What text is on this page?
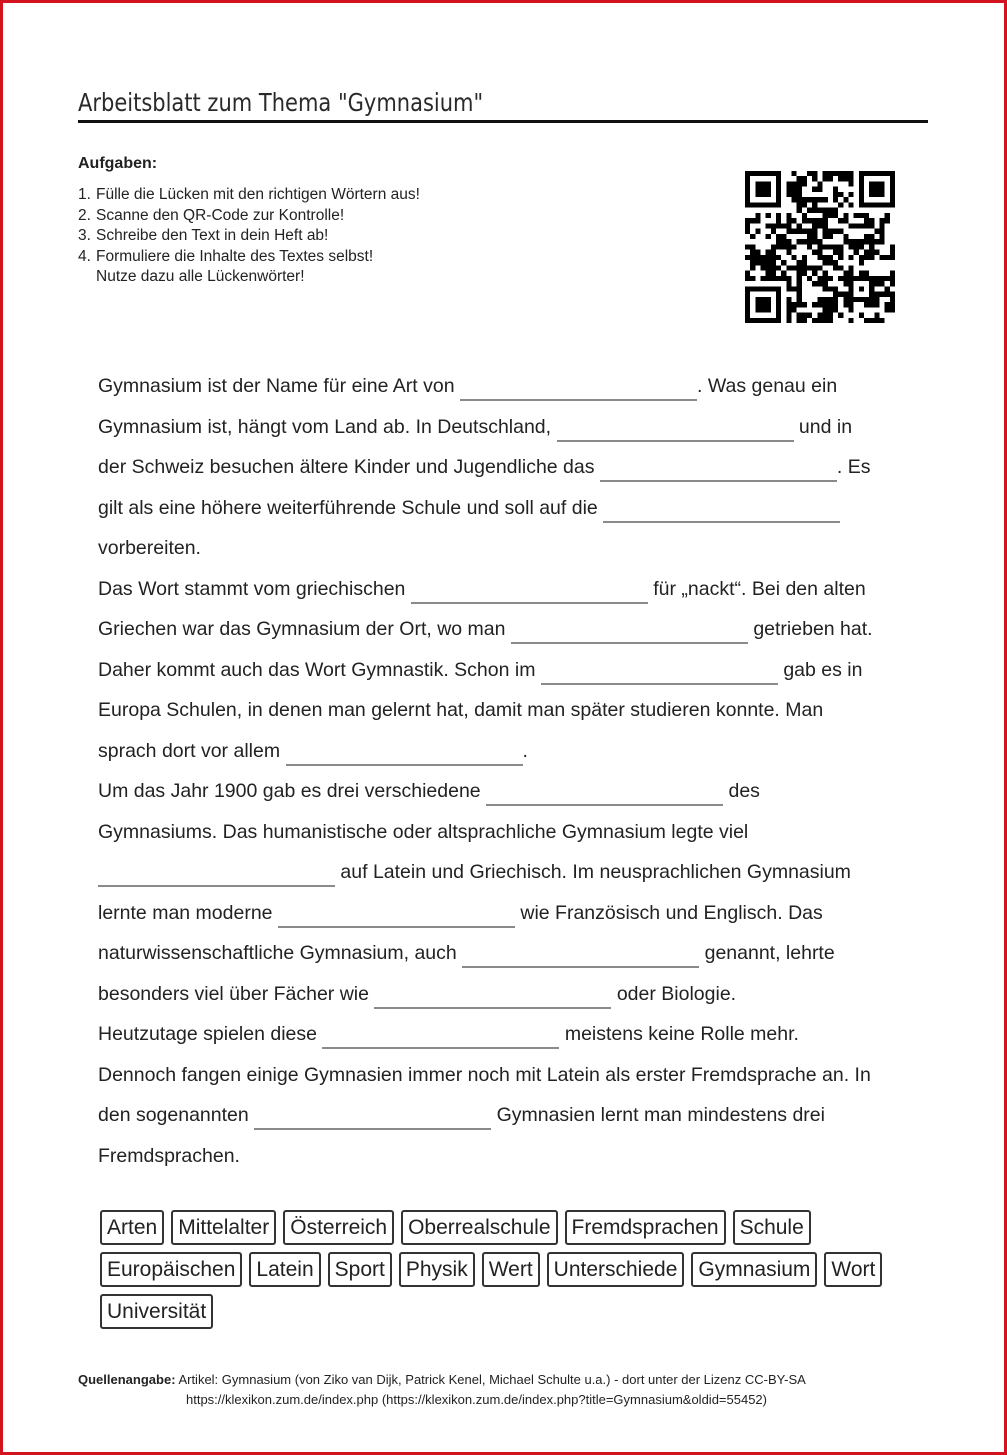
Arbeitsblatt zum Thema "Gymnasium"
Aufgaben:
1. Fülle die Lücken mit den richtigen Wörtern aus!
2. Scanne den QR-Code zur Kontrolle!
3. Schreibe den Text in dein Heft ab!
4. Formuliere die Inhalte des Textes selbst!
Nutze dazu alle Lückenwörter!
Gymnasium ist der Name für eine Art von	. Was genau ein
Gymnasium ist, hängt vom Land ab. In Deutschland,	und in
der Schweiz besuchen ältere Kinder und Jugendliche das	. Es
gilt als eine höhere weiterführende Schule und soll auf die
vorbereiten.
Das Wort stammt vom griechischen	für „nackt“. Bei den alten
Griechen war das Gymnasium der Ort, wo man	getrieben hat.
Daher kommt auch das Wort Gymnastik. Schon im	gab es in
Europa Schulen, in denen man gelernt hat, damit man später studieren konnte. Man
sprach dort vor allem	.
Um das Jahr 1900 gab es drei verschiedene	des
Gymnasiums. Das humanistische oder altsprachliche Gymnasium legte viel
auf Latein und Griechisch. Im neusprachlichen Gymnasium
lernte man moderne	wie Französisch und Englisch. Das
naturwissenschaftliche Gymnasium, auch	genannt, lehrte
besonders viel über Fächer wie	oder Biologie.
Heutzutage spielen diese	meistens keine Rolle mehr.
Dennoch fangen einige Gymnasien immer noch mit Latein als erster Fremdsprache an. In
den sogenannten	Gymnasien lernt man mindestens drei
Fremdsprachen.
Arten	Mittelalter	Österreich	Oberrealschule	Fremdsprachen	Schule
Europäischen	Latein	Sport	Physik	Wert	Unterschiede	Gymnasium	Wort
Universität
Quellenangabe: Artikel: Gymnasium (von Ziko van Dijk, Patrick Kenel, Michael Schulte u.a.) - dort unter der Lizenz CC-BY-SA
https://klexikon.zum.de/index.php (https://klexikon.zum.de/index.php?title=Gymnasium&oldid=55452)
